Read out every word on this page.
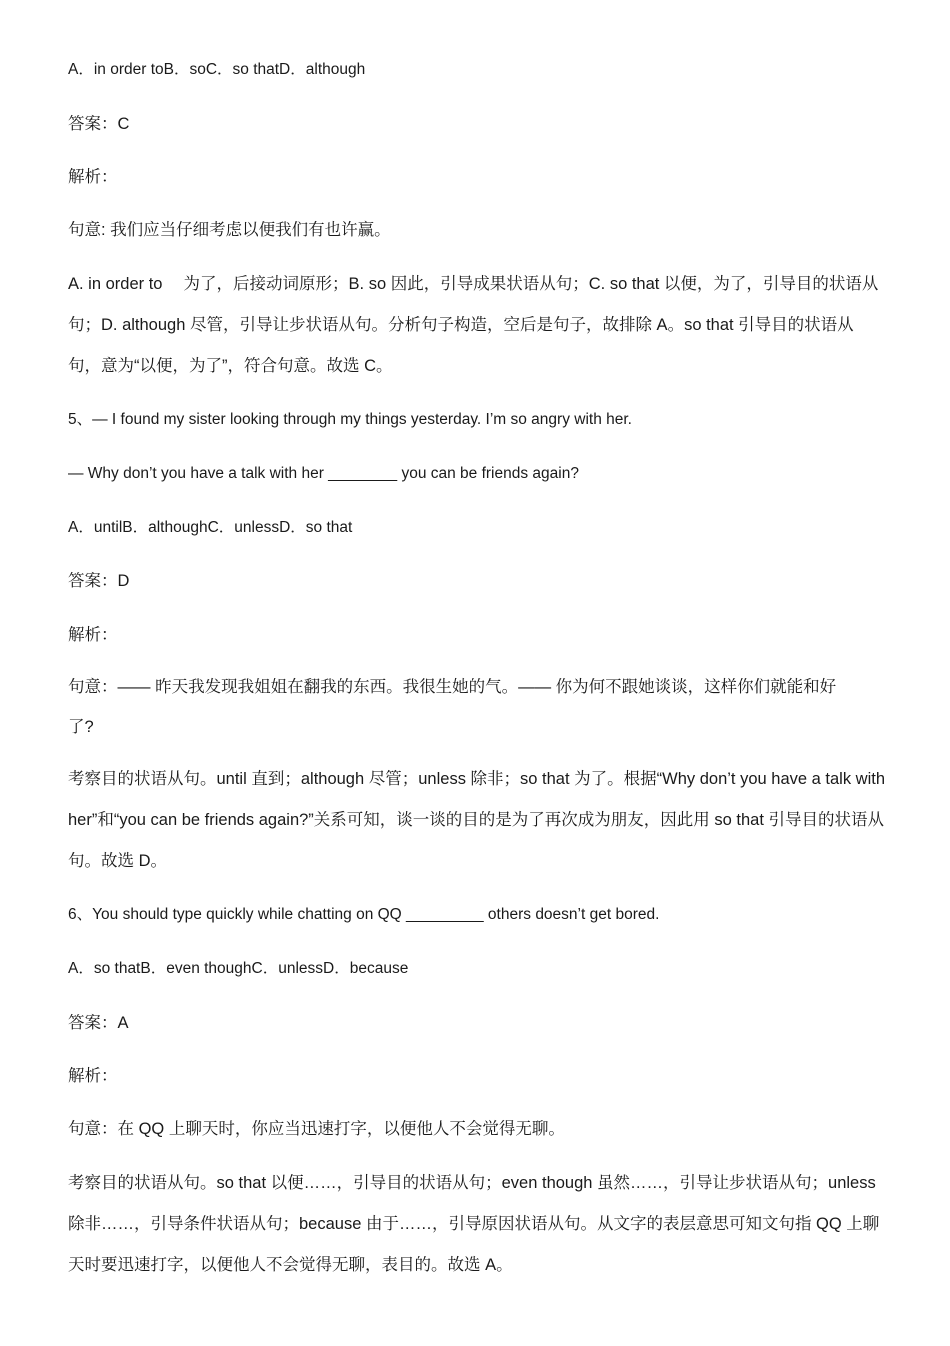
A．in order toB．soC．so thatD．although
答案：C
解析：
句意: 我们应当仔细考虑以便我们有也许赢。
A. in order to　 为了，后接动词原形；B. so 因此，引导成果状语从句；C. so that 以便，为了，引导目的状语从
句；D. although 尽管，引导让步状语从句。分析句子构造，空后是句子，故排除 A。so that 引导目的状语从
句，意为“以便，为了”，符合句意。故选 C。
5、— I found my sister looking through my things yesterday. I’m so angry with her.
— Why don’t you have a talk with her ________ you can be friends again?
A．untilB．althoughC．unlessD．so that
答案：D
解析：
句意：—— 昨天我发现我姐姐在翻我的东西。我很生她的气。—— 你为何不跟她谈谈，这样你们就能和好
了?
考察目的状语从句。until 直到；although 尽管；unless 除非；so that 为了。根据“Why don’t you have a talk with
her”和“you can be friends again?”关系可知，谈一谈的目的是为了再次成为朋友，因此用 so that 引导目的状语从
句。故选 D。
6、You should type quickly while chatting on QQ _________ others doesn’t get bored.
A．so thatB．even thoughC．unlessD．because
答案：A
解析：
句意：在 QQ 上聊天时，你应当迅速打字，以便他人不会觉得无聊。
考察目的状语从句。so that 以便……，引导目的状语从句；even though 虽然……，引导让步状语从句；unless
除非……，引导条件状语从句；because 由于……，引导原因状语从句。从文字的表层意思可知文句指 QQ 上聊
天时要迅速打字，以便他人不会觉得无聊，表目的。故选 A。
